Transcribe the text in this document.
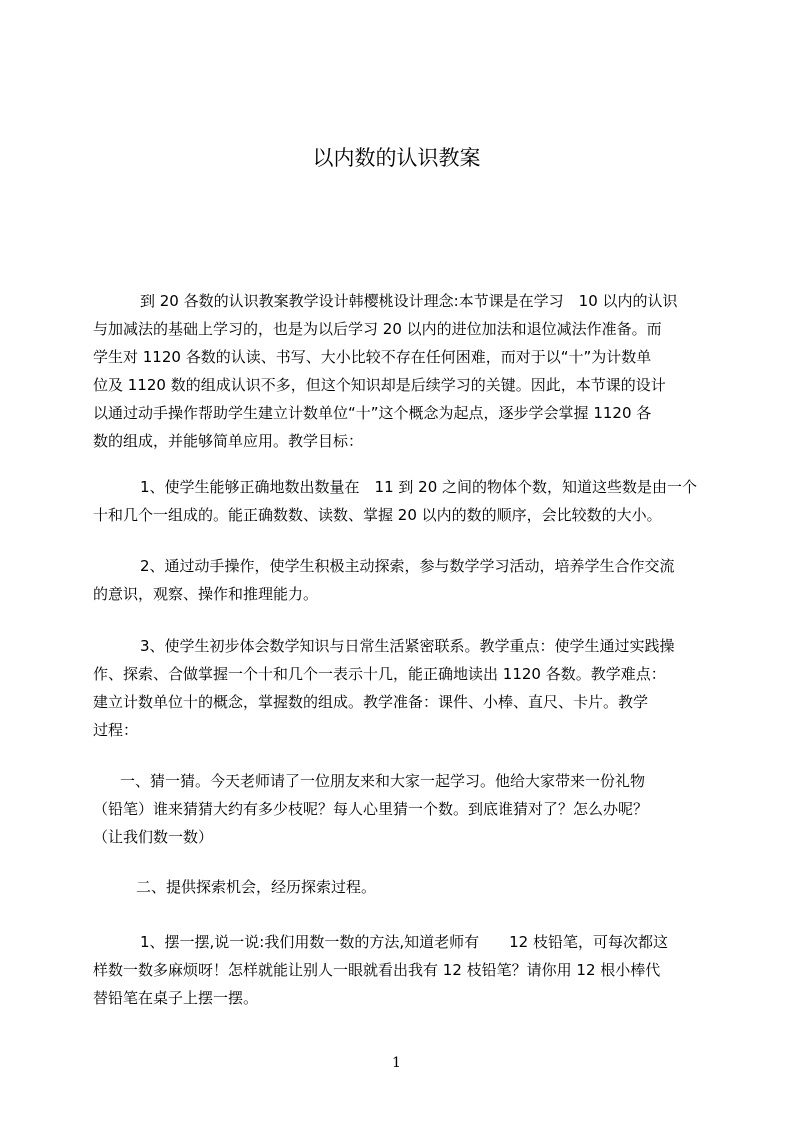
以内数的认识教案
到 20 各数的认识教案教学设计韩樱桃设计理念:本节课是在学习　10 以内的认识
与加减法的基础上学习的，也是为以后学习 20 以内的进位加法和退位减法作准备。而
学生对 1120 各数的认读、书写、大小比较不存在任何困难，而对于以“十”为计数单
位及 1120 数的组成认识不多，但这个知识却是后续学习的关键。因此，本节课的设计
以通过动手操作帮助学生建立计数单位“十”这个概念为起点，逐步学会掌握 1120 各
数的组成，并能够简单应用。教学目标：
1、使学生能够正确地数出数量在　11 到 20 之间的物体个数，知道这些数是由一个
十和几个一组成的。能正确数数、读数、掌握 20 以内的数的顺序，会比较数的大小。
2、通过动手操作，使学生积极主动探索，参与数学学习活动，培养学生合作交流
的意识，观察、操作和推理能力。
3、使学生初步体会数学知识与日常生活紧密联系。教学重点：使学生通过实践操
作、探索、合做掌握一个十和几个一表示十几，能正确地读出 1120 各数。教学难点：
建立计数单位十的概念，掌握数的组成。教学准备：课件、小棒、直尺、卡片。教学
过程：
一、猜一猜。今天老师请了一位朋友来和大家一起学习。他给大家带来一份礼物
（铅笔）谁来猜猜大约有多少枝呢？每人心里猜一个数。到底谁猜对了？怎么办呢？
（让我们数一数）
二、提供探索机会，经历探索过程。
1、摆一摆,说一说:我们用数一数的方法,知道老师有　　12 枝铅笔，可每次都这
样数一数多麻烦呀！怎样就能让别人一眼就看出我有 12 枝铅笔？请你用 12 根小棒代
替铅笔在桌子上摆一摆。
1
